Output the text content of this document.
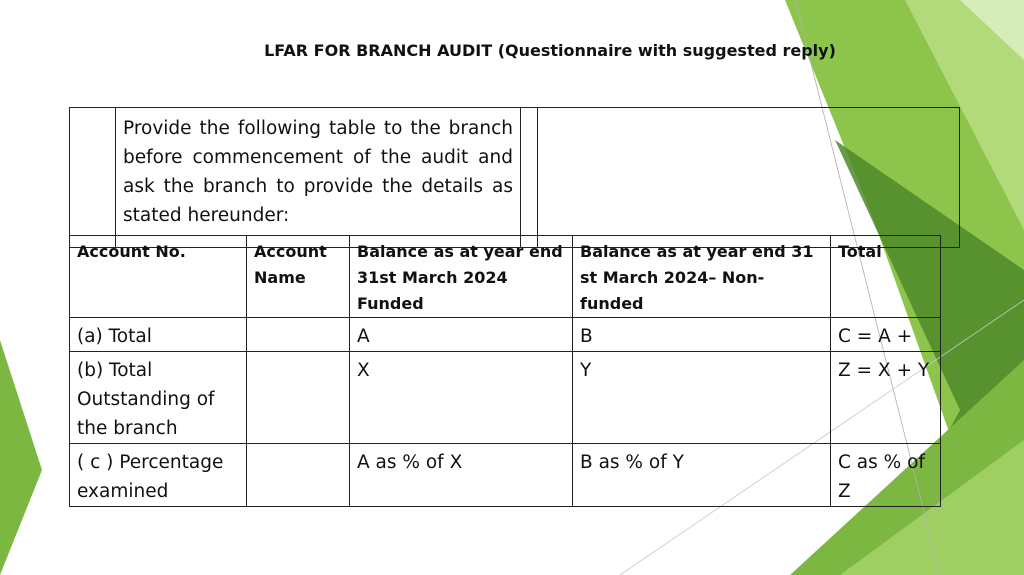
LFAR FOR BRANCH AUDIT (Questionnaire with suggested reply)

Provide the following table to the branch before commencement of the audit and ask the branch to provide the details as stated hereunder:

Account No.	Account Name	Balance as at year end 31st March 2024 Funded	Balance as at year end 31 st March 2024– Non-funded	Total
(a) Total		A	B	C = A +
(b) Total Outstanding of the branch		X	Y	Z = X + Y
( c ) Percentage examined		A as % of X	B as % of Y	C as % of Z
